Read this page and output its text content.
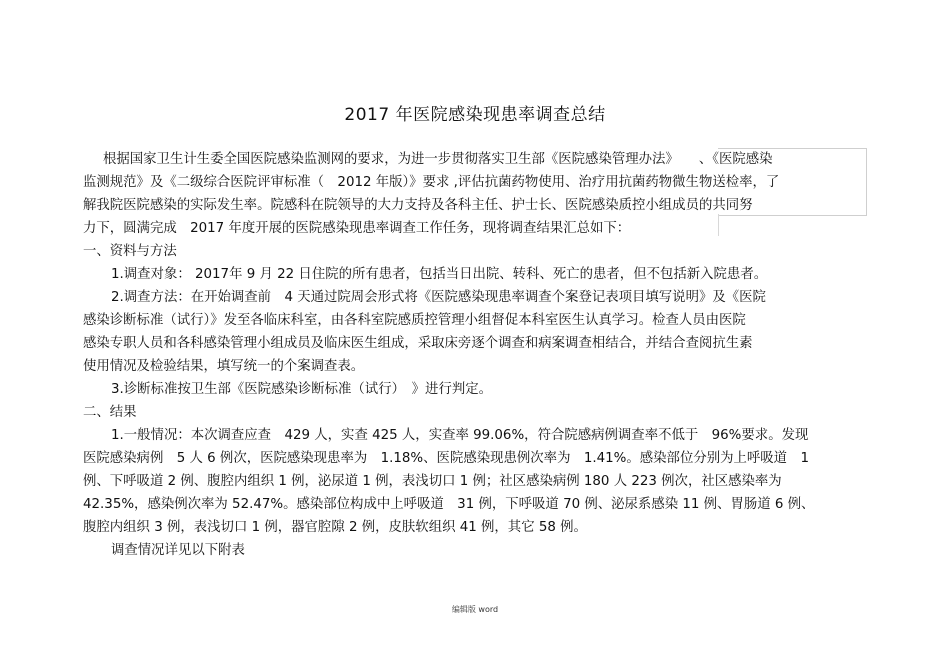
2017 年医院感染现患率调查总结
根据国家卫生计生委全国医院感染监测网的要求，为进一步贯彻落实卫生部《医院感染管理办法》　　、《医院感染
监测规范》及《二级综合医院评审标准（　2012 年版）》要求 ,评估抗菌药物使用、治疗用抗菌药物微生物送检率，了
解我院医院感染的实际发生率。院感科在院领导的大力支持及各科主任、护士长、医院感染质控小组成员的共同努
力下，圆满完成　2017 年度开展的医院感染现患率调查工作任务，现将调查结果汇总如下：
一、资料与方法
1.调查对象： 2017年 9 月 22 日住院的所有患者，包括当日出院、转科、死亡的患者，但不包括新入院患者。
2.调查方法：在开始调查前　4 天通过院周会形式将《医院感染现患率调查个案登记表项目填写说明》及《医院
感染诊断标准（试行）》发至各临床科室，由各科室院感质控管理小组督促本科室医生认真学习。检查人员由医院
感染专职人员和各科感染管理小组成员及临床医生组成，采取床旁逐个调查和病案调查相结合，并结合查阅抗生素
使用情况及检验结果，填写统一的个案调查表。
3.诊断标准按卫生部《医院感染诊断标准（试行）　》进行判定。
二、结果
1.一般情况：本次调查应查　429 人，实查 425 人，实查率 99.06%，符合院感病例调查率不低于　96%要求。发现
医院感染病例　5 人 6 例次，医院感染现患率为　1.18%、医院感染现患例次率为　1.41%。感染部位分别为上呼吸道　1
例、下呼吸道 2 例、腹腔内组织 1 例，泌尿道 1 例，表浅切口 1 例；社区感染病例 180 人 223 例次，社区感染率为
42.35%，感染例次率为 52.47%。感染部位构成中上呼吸道　31 例，下呼吸道 70 例、泌尿系感染 11 例、胃肠道 6 例、
腹腔内组织 3 例，表浅切口 1 例，器官腔隙 2 例，皮肤软组织 41 例，其它 58 例。
调查情况详见以下附表
编辑版 word
